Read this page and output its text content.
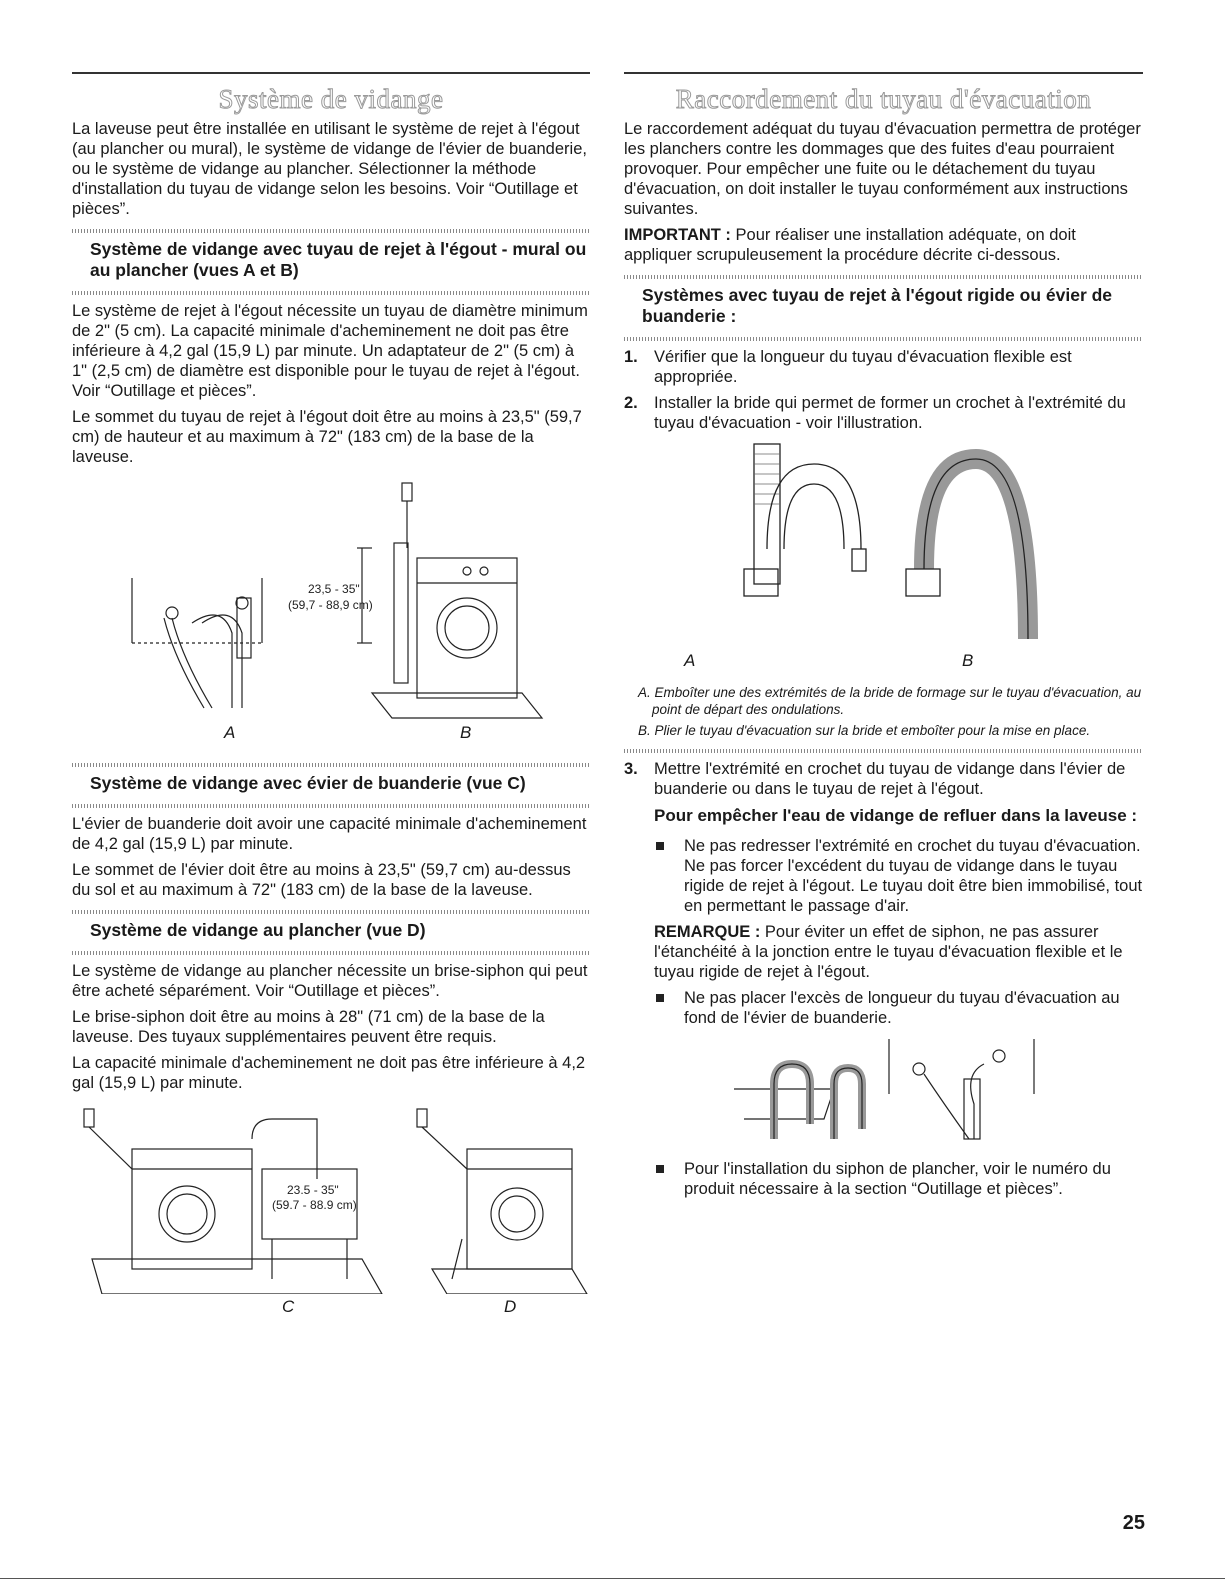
Système de vidange

La laveuse peut être installée en utilisant le système de rejet à l'égout (au plancher ou mural), le système de vidange de l'évier de buanderie, ou le système de vidange au plancher. Sélectionner la méthode d'installation du tuyau de vidange selon les besoins. Voir “Outillage et pièces”.

Système de vidange avec tuyau de rejet à l'égout - mural ou au plancher (vues A et B)

Le système de rejet à l'égout nécessite un tuyau de diamètre minimum de 2" (5 cm). La capacité minimale d'acheminement ne doit pas être inférieure à 4,2 gal (15,9 L) par minute. Un adaptateur de 2" (5 cm) à 1" (2,5 cm) de diamètre est disponible pour le tuyau de rejet à l'égout. Voir “Outillage et pièces”.

Le sommet du tuyau de rejet à l'égout doit être au moins à 23,5" (59,7 cm) de hauteur et au maximum à 72" (183 cm) de la base de la laveuse.

23,5 - 35"
(59,7 - 88,9 cm)
A	B
Système de vidange avec évier de buanderie (vue C)

L'évier de buanderie doit avoir une capacité minimale d'acheminement de 4,2 gal (15,9 L) par minute.

Le sommet de l'évier doit être au moins à 23,5" (59,7 cm) au-dessus du sol et au maximum à 72" (183 cm) de la base de la laveuse.

Système de vidange au plancher (vue D)

Le système de vidange au plancher nécessite un brise-siphon qui peut être acheté séparément. Voir “Outillage et pièces”.

Le brise-siphon doit être au moins à 28" (71 cm) de la base de la laveuse. Des tuyaux supplémentaires peuvent être requis.

La capacité minimale d'acheminement ne doit pas être inférieure à 4,2 gal (15,9 L) par minute.

23.5 - 35"
(59.7 - 88.9 cm)
C	D
Raccordement du tuyau d'évacuation

Le raccordement adéquat du tuyau d'évacuation permettra de protéger les planchers contre les dommages que des fuites d'eau pourraient provoquer. Pour empêcher une fuite ou le détachement du tuyau d'évacuation, on doit installer le tuyau conformément aux instructions suivantes.

IMPORTANT : Pour réaliser une installation adéquate, on doit appliquer scrupuleusement la procédure décrite ci-dessous.

Systèmes avec tuyau de rejet à l'égout rigide ou évier de buanderie :
1. Vérifier que la longueur du tuyau d'évacuation flexible est appropriée.
2. Installer la bride qui permet de former un crochet à l'extrémité du tuyau d'évacuation - voir l'illustration.
A	B

A. Emboîter une des extrémités de la bride de formage sur le tuyau d'évacuation, au point de départ des ondulations.

B. Plier le tuyau d'évacuation sur la bride et emboîter pour la mise en place.

3. Mettre l'extrémité en crochet du tuyau de vidange dans l'évier de buanderie ou dans le tuyau de rejet à l'égout.
Pour empêcher l'eau de vidange de refluer dans la laveuse :
Ne pas redresser l'extrémité en crochet du tuyau d'évacuation. Ne pas forcer l'excédent du tuyau de vidange dans le tuyau rigide de rejet à l'égout. Le tuyau doit être bien immobilisé, tout en permettant le passage d'air.

REMARQUE : Pour éviter un effet de siphon, ne pas assurer l'étanchéité à la jonction entre le tuyau d'évacuation flexible et le tuyau rigide de rejet à l'égout.

Ne pas placer l'excès de longueur du tuyau d'évacuation au fond de l'évier de buanderie.
Pour l'installation du siphon de plancher, voir le numéro du produit nécessaire à la section “Outillage et pièces”.
25
